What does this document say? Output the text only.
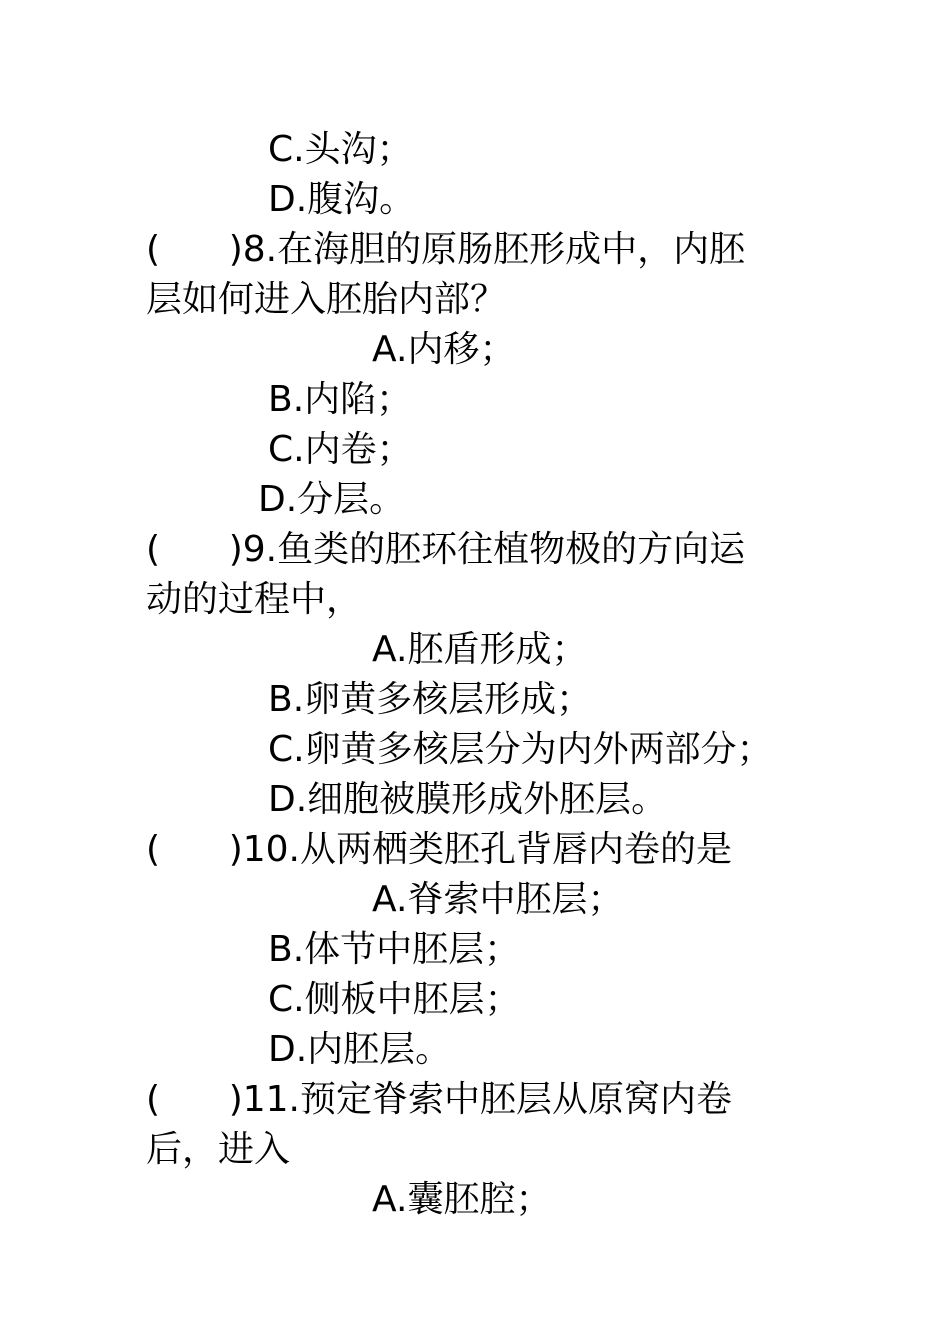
C.头沟；

D.腹沟。

(      )8.在海胆的原肠胚形成中，内胚

层如何进入胚胎内部？

A.内移；

B.内陷；

C.内卷；

D.分层。

(      )9.鱼类的胚环往植物极的方向运

动的过程中，

A.胚盾形成；

B.卵黄多核层形成；

C.卵黄多核层分为内外两部分；

D.细胞被膜形成外胚层。

(      )10.从两栖类胚孔背唇内卷的是

A.脊索中胚层；

B.体节中胚层；

C.侧板中胚层；

D.内胚层。

(      )11.预定脊索中胚层从原窝内卷

后，进入

A.囊胚腔；
